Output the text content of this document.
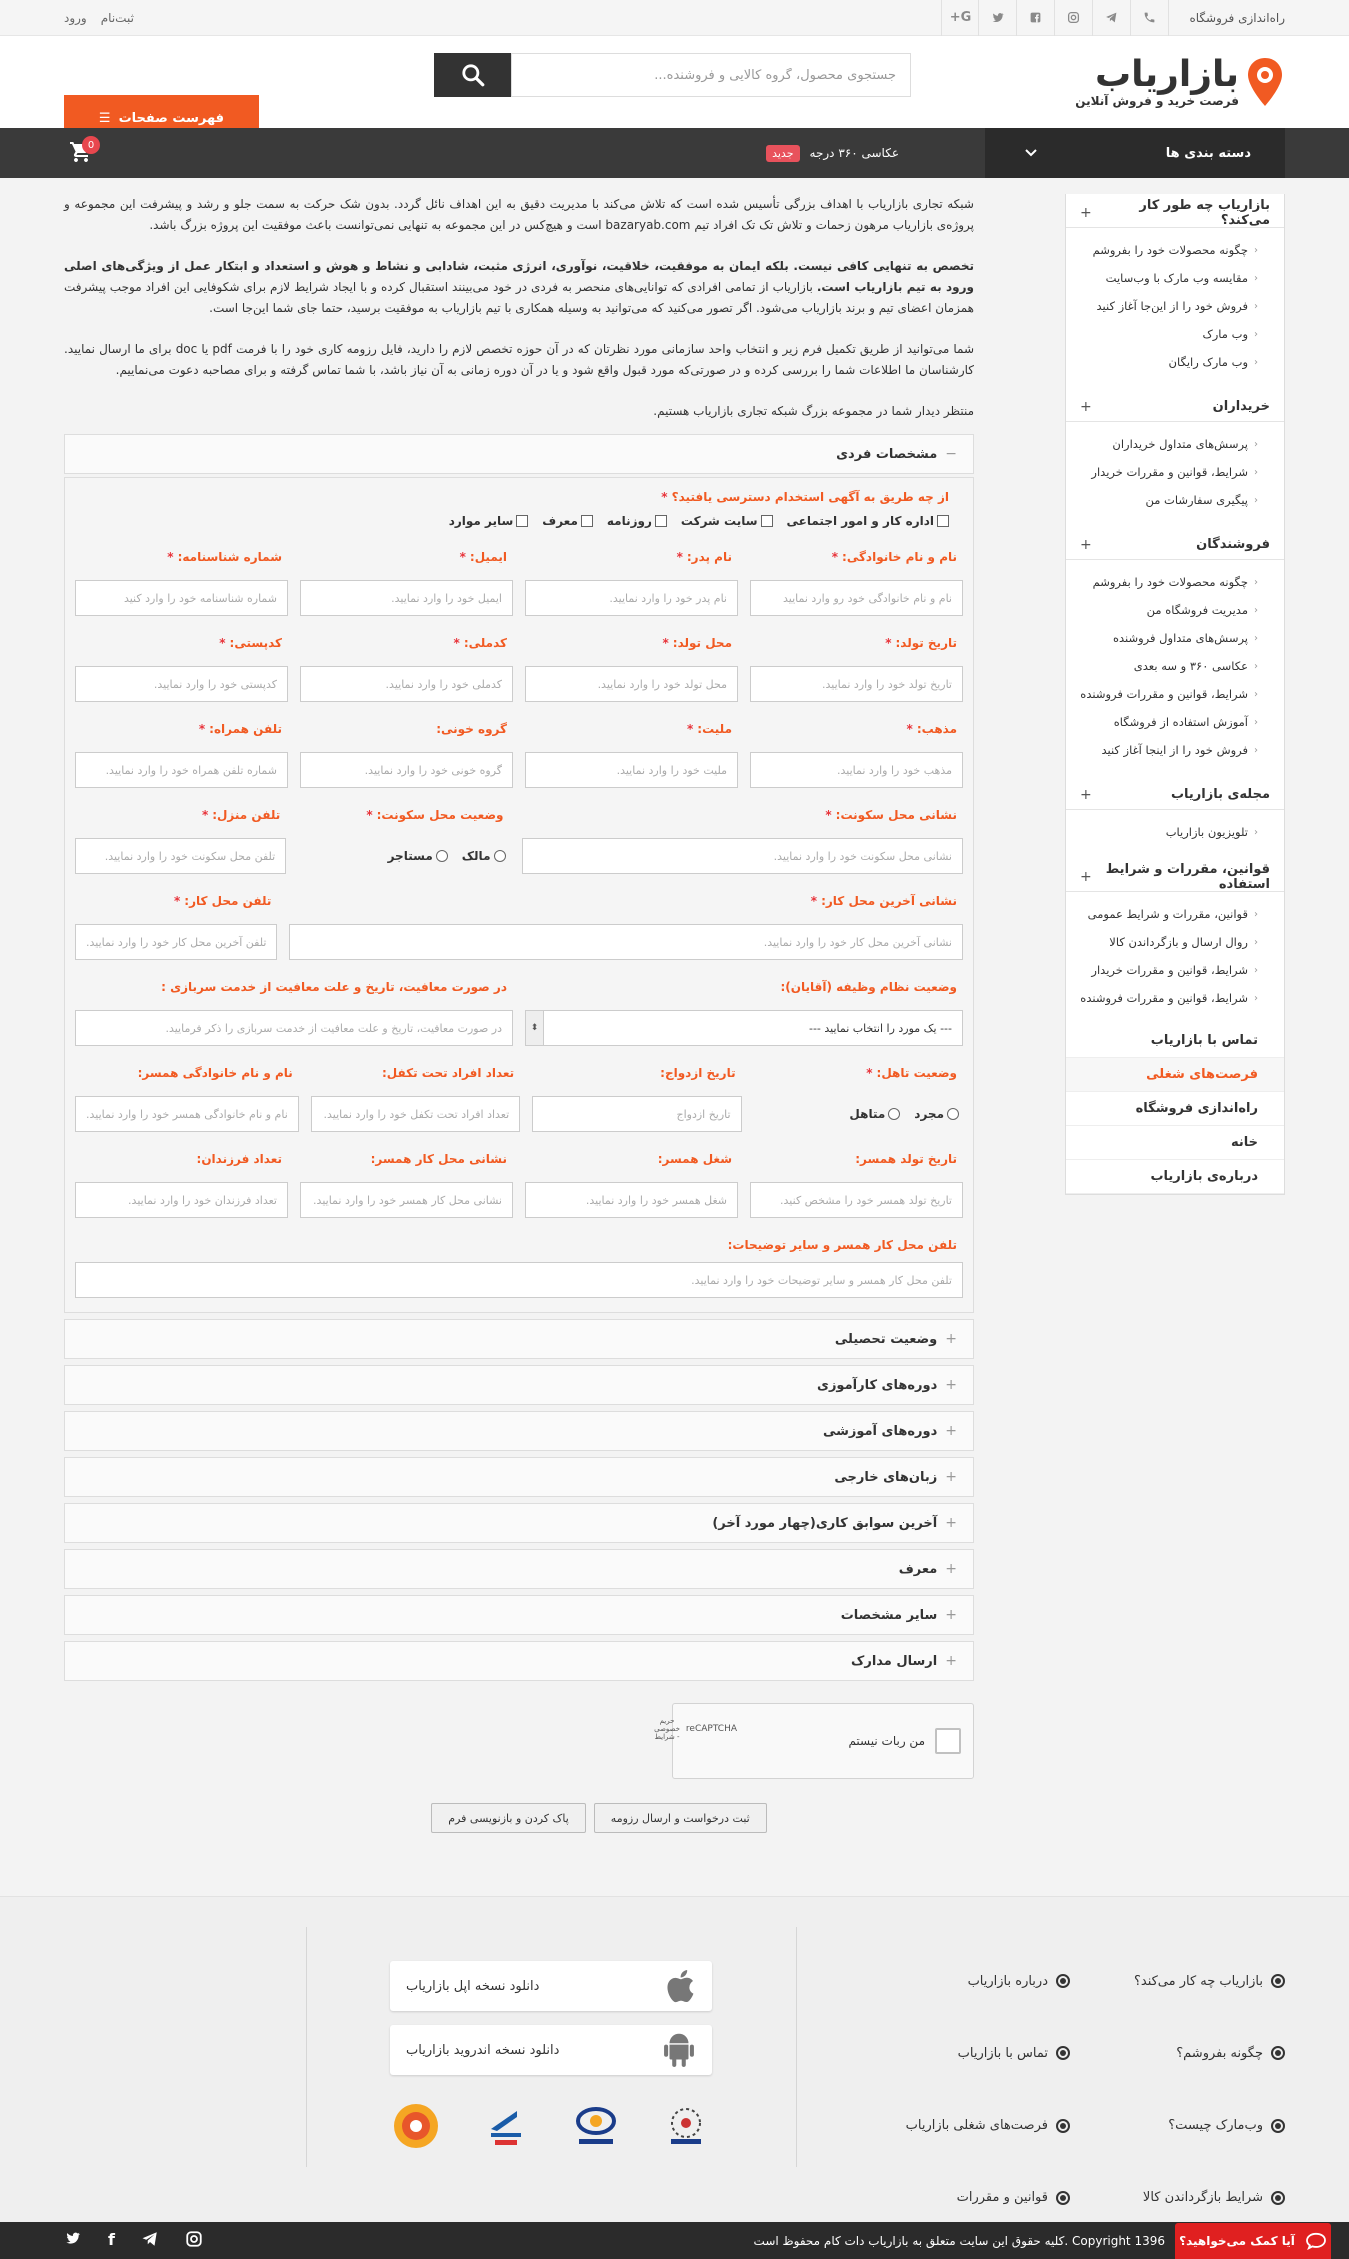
راه‌اندازی فروشگاه
G+
ثبت‌نام
ورود
بازاریاب
فرصت خرید و فروش آنلاین
جستجوی محصول، گروه کالایی و فروشنده...
فهرست صفحات
☰
دسته بندی ها
عکاسی ۳۶۰ درجه
جدید
0
بازاریاب چه طور کار می‌کند؟
+
‹
چگونه محصولات خود را بفروشم
‹
مقایسه وب مارک با وب‌سایت
‹
فروش خود را از این‌جا آغاز کنید
‹
وب مارک
‹
وب مارک رایگان
خریداران
+
‹
پرسش‌های متداول خریداران
‹
شرایط، قوانین و مقررات خریدار
‹
پیگیری سفارشات من
فروشندگان
+
‹
چگونه محصولات خود را بفروشم
‹
مدیریت فروشگاه من
‹
پرسش‌های متداول فروشنده
‹
عکاسی ۳۶۰ و سه بعدی
‹
شرایط، قوانین و مقررات فروشنده
‹
آموزش استفاده از فروشگاه
‹
فروش خود را از اینجا آغاز کنید
مجله‌ی بازاریاب
+
‹
تلویزیون بازاریاب
قوانین، مقررات و شرایط استفاده
+
‹
قوانین، مقررات و شرایط عمومی
‹
روال ارسال و بازگرداندن کالا
‹
شرایط، قوانین و مقررات خریدار
‹
شرایط، قوانین و مقررات فروشنده
تماس با بازاریاب
فرصت‌های شغلی
راه‌اندازی فروشگاه
خانه
درباره‌ی بازاریاب

شبکه تجاری بازاریاب با اهداف بزرگی تأسیس شده است که تلاش می‌کند با مدیریت دقیق به این اهداف نائل گردد. بدون شک حرکت به سمت جلو و رشد و پیشرفت این مجموعه و پروژه‌ی بازاریاب مرهون زحمات و تلاش تک تک افراد تیم bazaryab.com است و هیچ‌کس در این مجموعه به تنهایی نمی‌توانست باعث موفقیت این پروژه بزرگ باشد.

تخصص به تنهایی کافی نیست. بلکه ایمان به موفقیت، خلاقیت، نوآوری، انرژی مثبت، شادابی و نشاط و هوش و استعداد و ابتکار عمل از ویژگی‌های اصلی ورود به تیم بازاریاب است. بازاریاب از تمامی افرادی که توانایی‌های منحصر به فردی در خود می‌بینند استقبال کرده و با ایجاد شرایط لازم برای شکوفایی این افراد موجب پیشرفت همزمان اعضای تیم و برند بازاریاب می‌شود. اگر تصور می‌کنید که می‌توانید به وسیله همکاری با تیم بازاریاب به موفقیت برسید، حتما جای شما این‌جا است.

شما می‌توانید از طریق تکمیل فرم زیر و انتخاب واحد سازمانی مورد نظرتان که در آن حوزه تخصص لازم را دارید، فایل رزومه کاری خود را با فرمت pdf یا doc برای ما ارسال نمایید. کارشناسان ما اطلاعات شما را بررسی کرده و در صورتی‌که مورد قبول واقع شود و یا در آن دوره زمانی به آن نیاز باشد، با شما تماس گرفته و برای مصاحبه دعوت می‌نماییم.

منتظر دیدار شما در مجموعه بزرگ شبکه تجاری بازاریاب هستیم.

−
مشخصات فردی
از چه طریق به آگهی استخدام دسترسی یافتید؟ *
اداره کار و امور اجتماعی
سایت شرکت
روزنامه
معرف
سایر موارد
نام و نام خانوادگی:
*
نام و نام خانوادگی خود رو وارد نمایید
نام پدر:
*
نام پدر خود را وارد نمایید.
ایمیل:
*
ایمیل خود را وارد نمایید.
شماره شناسنامه:
*
شماره شناسنامه خود را وارد کنید
تاریخ تولد:
*
تاریخ تولد خود را وارد نمایید.
محل تولد:
*
محل تولد خود را وارد نمایید.
کدملی:
*
کدملی خود را وارد نمایید.
کدپستی:
*
کدپستی خود را وارد نمایید.
مذهب:
*
مذهب خود را وارد نمایید.
ملیت:
*
ملیت خود را وارد نمایید.
گروه خونی:
گروه خونی خود را وارد نمایید.
تلفن همراه:
*
شماره تلفن همراه خود را وارد نمایید.
نشانی محل سکونت:
*
نشانی محل سکونت خود را وارد نمایید.
وضعیت محل سکونت:
*
مالک
مستاجر
تلفن منزل:
*
تلفن محل سکونت خود را وارد نمایید.
نشانی آخرین محل کار:
*
نشانی آخرین محل کار خود را وارد نمایید.
تلفن محل کار:
*
تلفن آخرین محل کار خود را وارد نمایید.
وضعیت نظام وظیفه (آقایان):
--- یک مورد را انتخاب نمایید ---
⬍
در صورت معافیت، تاریخ و علت معافیت از خدمت سربازی :
در صورت معافیت، تاریخ و علت معافیت از خدمت سربازی را ذکر فرمایید.
وضعیت تاهل:
*
مجرد
متاهل
تاریخ ازدواج:
تاریخ ازدواج
تعداد افراد تحت تکفل:
تعداد افراد تحت تکفل خود را وارد نمایید.
نام و نام خانوادگی همسر:
نام و نام خانوادگی همسر خود را وارد نمایید.
تاریخ تولد همسر:
تاریخ تولد همسر خود را مشخص کنید.
شغل همسر:
شغل همسر خود را وارد نمایید.
نشانی محل کار همسر:
نشانی محل کار همسر خود را وارد نمایید.
تعداد فرزندان:
تعداد فرزندان خود را وارد نمایید.
تلفن محل کار همسر و سایر توضیحات:
تلفن محل کار همسر و سایر توضیحات خود را وارد نمایید.
+
وضعیت تحصیلی
+
دوره‌های کارآموزی
+
دوره‌های آموزشی
+
زبان‌های خارجی
+
آخرین سوابق کاری(چهار مورد آخر)
+
معرف
+
سایر مشخصات
+
ارسال مدارک
من ربات نیستم
reCAPTCHA
حریم خصوصی - شرایط
ثبت درخواست و ارسال رزومه
پاک کردن و بازنویسی فرم
بازاریاب چه کار می‌کند؟
درباره بازاریاب
چگونه بفروشم؟
تماس با بازاریاب
وب‌مارک چیست؟
فرصت‌های شغلی بازاریاب
شرایط بازگرداندن کالا
قوانین و مقررات
دانلود نسخه اپل بازاریاب
دانلود نسخه اندروید بازاریاب
Copyright 1396 .کلیه حقوق این سایت متعلق به بازاریاب دات کام محفوظ است
f	آیا کمک می‌خواهید؟
